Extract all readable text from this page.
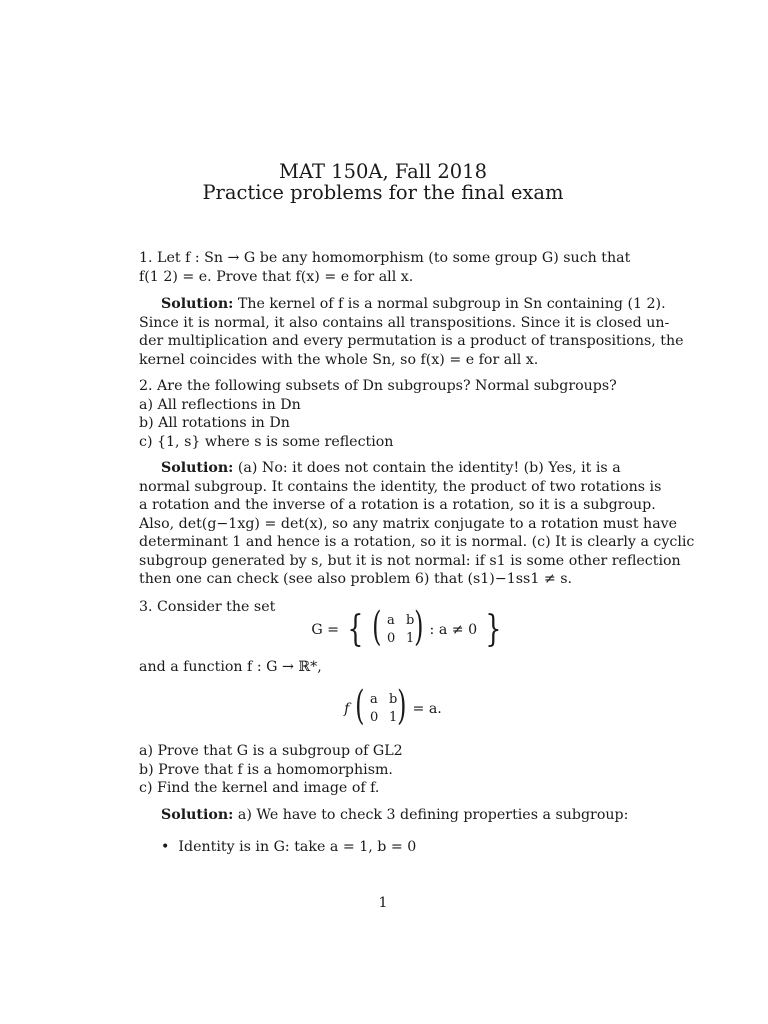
MAT 150A, Fall 2018
Practice problems for the final exam
1. Let f : Sn → G be any homomorphism (to some group G) such that
f(1 2) = e. Prove that f(x) = e for all x.
Solution: The kernel of f is a normal subgroup in Sn containing (1 2).
Since it is normal, it also contains all transpositions. Since it is closed un-
der multiplication and every permutation is a product of transpositions, the
kernel coincides with the whole Sn, so f(x) = e for all x.
2. Are the following subsets of Dn subgroups? Normal subgroups?
a) All reflections in Dn
b) All rotations in Dn
c) {1, s} where s is some reflection
Solution: (a) No: it does not contain the identity! (b) Yes, it is a
normal subgroup. It contains the identity, the product of two rotations is
a rotation and the inverse of a rotation is a rotation, so it is a subgroup.
Also, det(g−1xg) = det(x), so any matrix conjugate to a rotation must have
determinant 1 and hence is a rotation, so it is normal. (c) It is clearly a cyclic
subgroup generated by s, but it is not normal: if s1 is some other reflection
then one can check (see also problem 6) that (s1)−1ss1 ≠ s.
3. Consider the set
G = { ( a b
0 1 ) : a ≠ 0 }
and a function f : G → ℝ*,
f ( a b
0 1 ) = a.
a) Prove that G is a subgroup of GL2
b) Prove that f is a homomorphism.
c) Find the kernel and image of f.
Solution: a) We have to check 3 defining properties a subgroup:
• Identity is in G: take a = 1, b = 0
1
